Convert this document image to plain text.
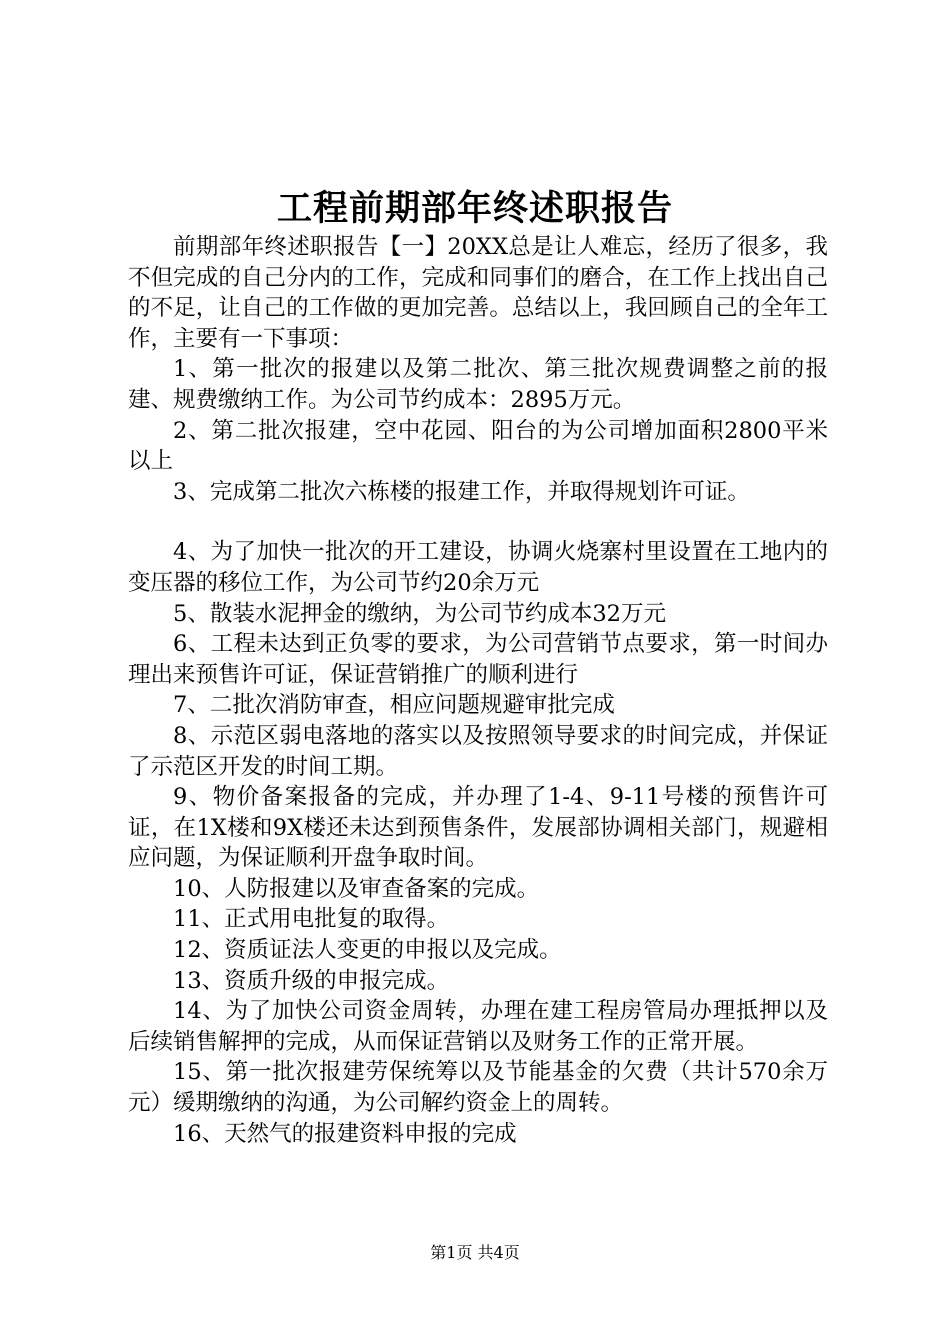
工程前期部年终述职报告

前期部年终述职报告【一】20XX总是让人难忘，经历了很多，我不但完成的自己分内的工作，完成和同事们的磨合，在工作上找出自己的不足，让自己的工作做的更加完善。总结以上，我回顾自己的全年工作，主要有一下事项：

1、第一批次的报建以及第二批次、第三批次规费调整之前的报建、规费缴纳工作。为公司节约成本：2895万元。

2、第二批次报建，空中花园、阳台的为公司增加面积2800平米以上

3、完成第二批次六栋楼的报建工作，并取得规划许可证。

4、为了加快一批次的开工建设，协调火烧寨村里设置在工地内的变压器的移位工作，为公司节约20余万元

5、散装水泥押金的缴纳，为公司节约成本32万元

6、工程未达到正负零的要求，为公司营销节点要求，第一时间办理出来预售许可证，保证营销推广的顺利进行

7、二批次消防审查，相应问题规避审批完成

8、示范区弱电落地的落实以及按照领导要求的时间完成，并保证了示范区开发的时间工期。

9、物价备案报备的完成，并办理了1-4、9-11号楼的预售许可证，在1X楼和9X楼还未达到预售条件，发展部协调相关部门，规避相应问题，为保证顺利开盘争取时间。

10、人防报建以及审查备案的完成。

11、正式用电批复的取得。

12、资质证法人变更的申报以及完成。

13、资质升级的申报完成。

14、为了加快公司资金周转，办理在建工程房管局办理抵押以及后续销售解押的完成，从而保证营销以及财务工作的正常开展。

15、第一批次报建劳保统筹以及节能基金的欠费（共计570余万元）缓期缴纳的沟通，为公司解约资金上的周转。

16、天然气的报建资料申报的完成

第1页 共4页
